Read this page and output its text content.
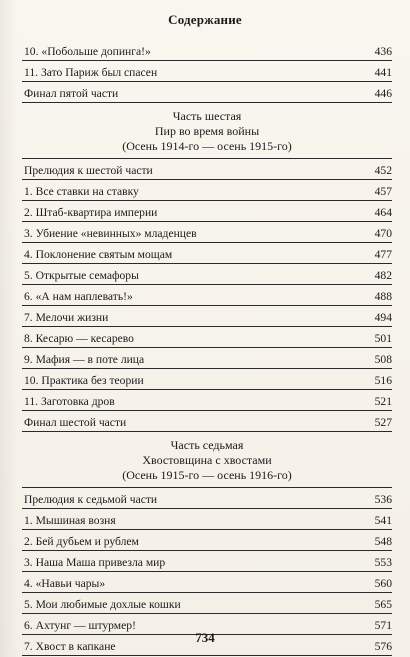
Содержание
10. «Побольше допинга!»	436
11. Зато Париж был спасен	441
Финал пятой части	446
Часть шестая
Пир во время войны
(Осень 1914-го — осень 1915-го)
Прелюдия к шестой части	452
1. Все ставки на ставку	457
2. Штаб-квартира империи	464
3. Убиение «невинных» младенцев	470
4. Поклонение святым мощам	477
5. Открытые семафоры	482
6. «А нам наплевать!»	488
7. Мелочи жизни	494
8. Кесарю — кесарево	501
9. Мафия — в поте лица	508
10. Практика без теории	516
11. Заготовка дров	521
Финал шестой части	527
Часть седьмая
Хвостовщина с хвостами
(Осень 1915-го — осень 1916-го)
Прелюдия к седьмой части	536
1. Мышиная возня	541
2. Бей дубьем и рублем	548
3. Наша Маша привезла мир	553
4. «Навьи чары»	560
5. Мои любимые дохлые кошки	565
6. Ахтунг — штурмер!	571
7. Хвост в капкане	576
734
